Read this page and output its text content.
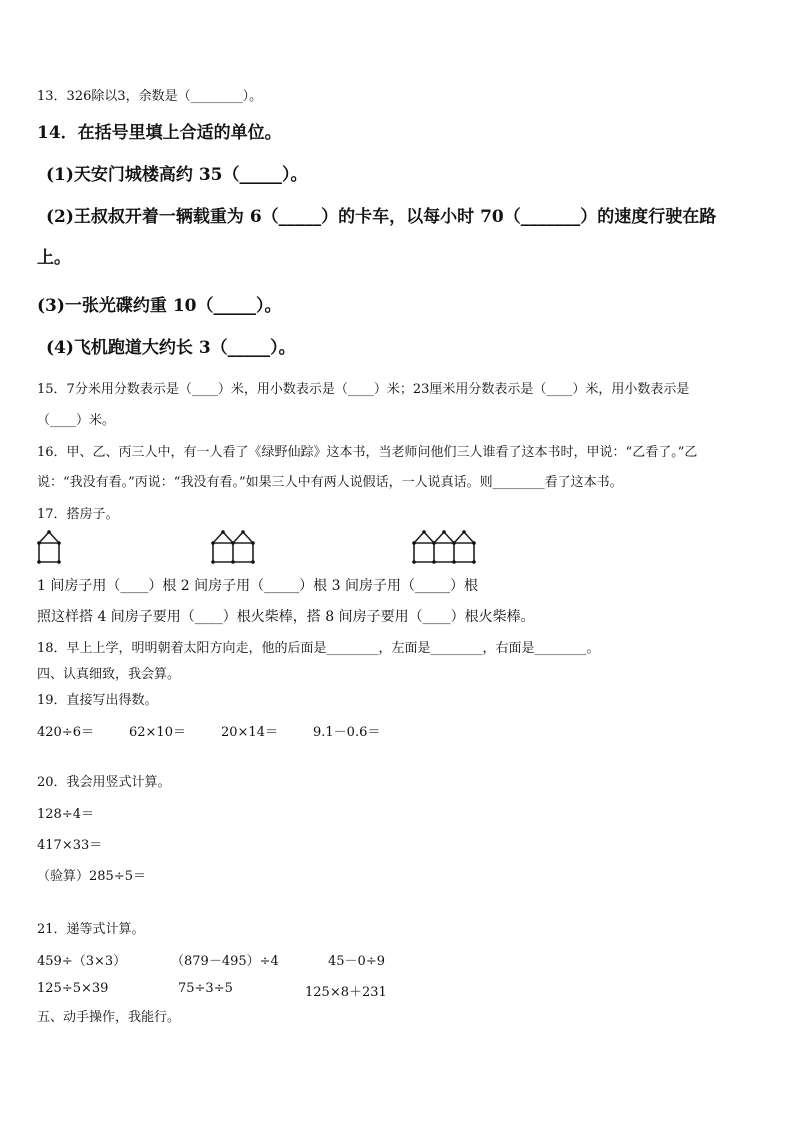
13．326除以3，余数是（________）。
14．在括号里填上合适的单位。
(1)天安门城楼高约 35（_____）。
(2)王叔叔开着一辆载重为 6（_____）的卡车，以每小时 70（_______）的速度行驶在路
上。
(3)一张光碟约重 10（_____）。
(4)飞机跑道大约长 3（_____）。
15．7分米用分数表示是（____）米，用小数表示是（____）米；23厘米用分数表示是（____）米，用小数表示是
（____）米。
16．甲、乙、丙三人中，有一人看了《绿野仙踪》这本书，当老师问他们三人谁看了这本书时，甲说：“乙看了。”乙
说：“我没有看。”丙说：“我没有看。”如果三人中有两人说假话，一人说真话。则________看了这本书。
17．搭房子。
1 间房子用（____）根 2 间房子用（_____）根 3 间房子用（_____）根
照这样搭 4 间房子要用（____）根火柴棒，搭 8 间房子要用（____）根火柴棒。
18．早上上学，明明朝着太阳方向走，他的后面是________，左面是________，右面是________。
四、认真细致，我会算。
19．直接写出得数。
420÷6＝	62×10＝	20×14＝	9.1－0.6＝
20．我会用竖式计算。
128÷4＝
417×33＝
（验算）285÷5＝
21．递等式计算。
459÷（3×3）	（879－495）÷4	45－0÷9
125÷5×39	75÷3÷5	125×8＋231
五、动手操作，我能行。
